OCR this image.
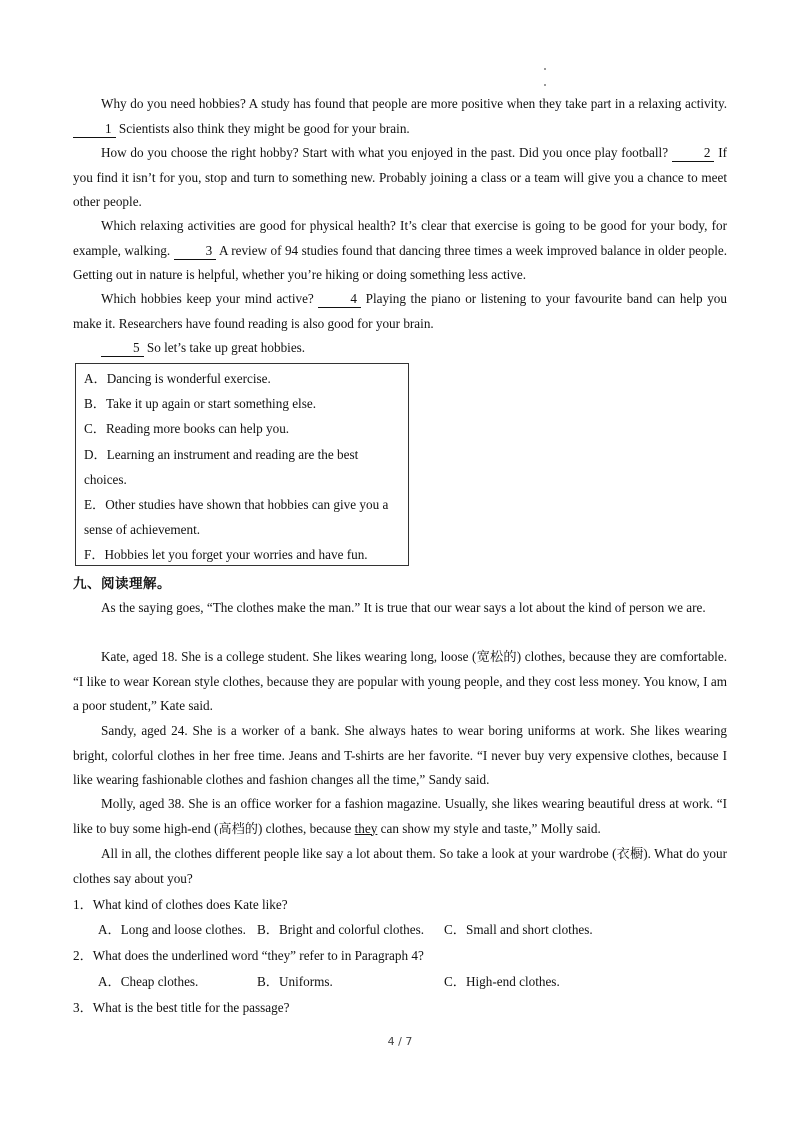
Why do you need hobbies? A study has found that people are more positive when they take part in a relaxing activity. 1 Scientists also think they might be good for your brain.
How do you choose the right hobby? Start with what you enjoyed in the past. Did you once play football?	2 If you find it isn’t for you, stop and turn to something new. Probably joining a class or a team will give you a chance to meet other people.
Which relaxing activities are good for physical health? It’s clear that exercise is going to be good for your body, for example, walking.	3 A review of 94 studies found that dancing three times a week improved balance in older people. Getting out in nature is helpful, whether you’re hiking or doing something less active.
Which hobbies keep your mind active?	4 Playing the piano or listening to your favourite band can help you make it. Researchers have found reading is also good for your brain.
5 So let’s take up great hobbies.
A．Dancing is wonderful exercise.
B．Take it up again or start something else.
C．Reading more books can help you.
D．Learning an instrument and reading are the best choices.
E．Other studies have shown that hobbies can give you a sense of achievement.
F．Hobbies let you forget your worries and have fun.
九、阅读理解。
As the saying goes, “The clothes make the man.” It is true that our wear says a lot about the kind of person we are.
Kate, aged 18. She is a college student. She likes wearing long, loose (宽松的) clothes, because they are comfortable. “I like to wear Korean style clothes, because they are popular with young people, and they cost less money. You know, I am a poor student,” Kate said.
Sandy, aged 24. She is a worker of a bank. She always hates to wear boring uniforms at work. She likes wearing bright, colorful clothes in her free time. Jeans and T-shirts are her favorite. “I never buy very expensive clothes, because I like wearing fashionable clothes and fashion changes all the time,” Sandy said.
Molly, aged 38. She is an office worker for a fashion magazine. Usually, she likes wearing beautiful dress at work. “I like to buy some high-end (高档的) clothes, because they can show my style and taste,” Molly said.
All in all, the clothes different people like say a lot about them. So take a look at your wardrobe (衣橱). What do your clothes say about you?
1．What kind of clothes does Kate like?
A．Long and loose clothes. B．Bright and colorful clothes. C．Small and short clothes.
2．What does the underlined word “they” refer to in Paragraph 4?
A．Cheap clothes.	B．Uniforms.	C．High-end clothes.
3．What is the best title for the passage?
4 / 7
